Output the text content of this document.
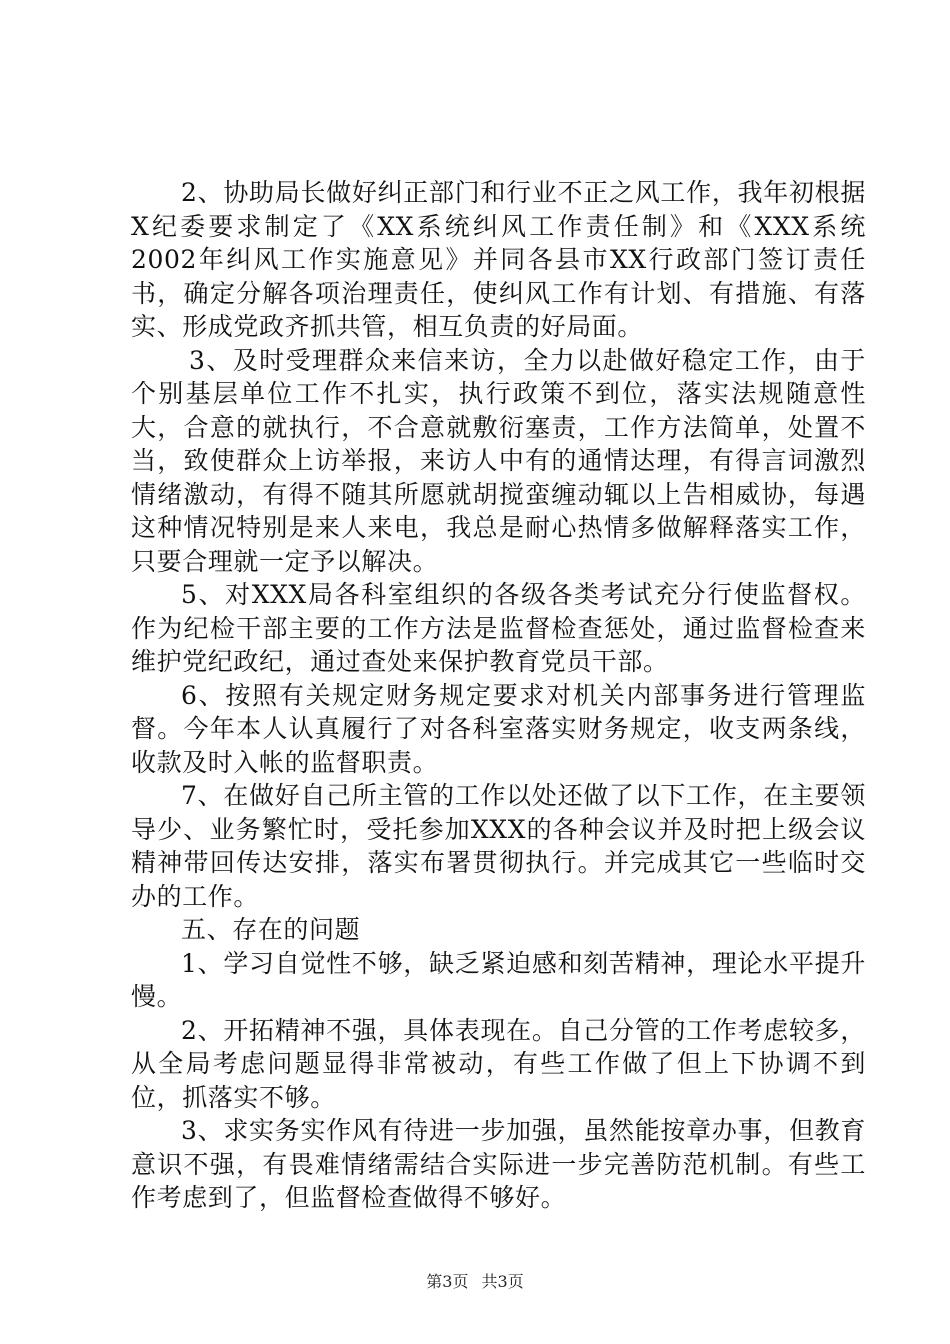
2、协助局长做好纠正部门和行业不正之风工作，我年初根据X纪委要求制定了《XX系统纠风工作责任制》和《XXX系统2002年纠风工作实施意见》并同各县市XX行政部门签订责任书，确定分解各项治理责任，使纠风工作有计划、有措施、有落实、形成党政齐抓共管，相互负责的好局面。

3、及时受理群众来信来访，全力以赴做好稳定工作，由于个别基层单位工作不扎实，执行政策不到位，落实法规随意性大，合意的就执行，不合意就敷衍塞责，工作方法简单，处置不当，致使群众上访举报，来访人中有的通情达理，有得言词激烈情绪激动，有得不随其所愿就胡搅蛮缠动辄以上告相威协，每遇这种情况特别是来人来电，我总是耐心热情多做解释落实工作，只要合理就一定予以解决。

5、对XXX局各科室组织的各级各类考试充分行使监督权。作为纪检干部主要的工作方法是监督检查惩处，通过监督检查来维护党纪政纪，通过查处来保护教育党员干部。

6、按照有关规定财务规定要求对机关内部事务进行管理监督。今年本人认真履行了对各科室落实财务规定，收支两条线，收款及时入帐的监督职责。

7、在做好自己所主管的工作以处还做了以下工作，在主要领导少、业务繁忙时，受托参加XXX的各种会议并及时把上级会议精神带回传达安排，落实布署贯彻执行。并完成其它一些临时交办的工作。

五、存在的问题

1、学习自觉性不够，缺乏紧迫感和刻苦精神，理论水平提升慢。

2、开拓精神不强，具体表现在。自己分管的工作考虑较多，从全局考虑问题显得非常被动，有些工作做了但上下协调不到位，抓落实不够。

3、求实务实作风有待进一步加强，虽然能按章办事，但教育意识不强，有畏难情绪需结合实际进一步完善防范机制。有些工作考虑到了，但监督检查做得不够好。

第3页 共3页
